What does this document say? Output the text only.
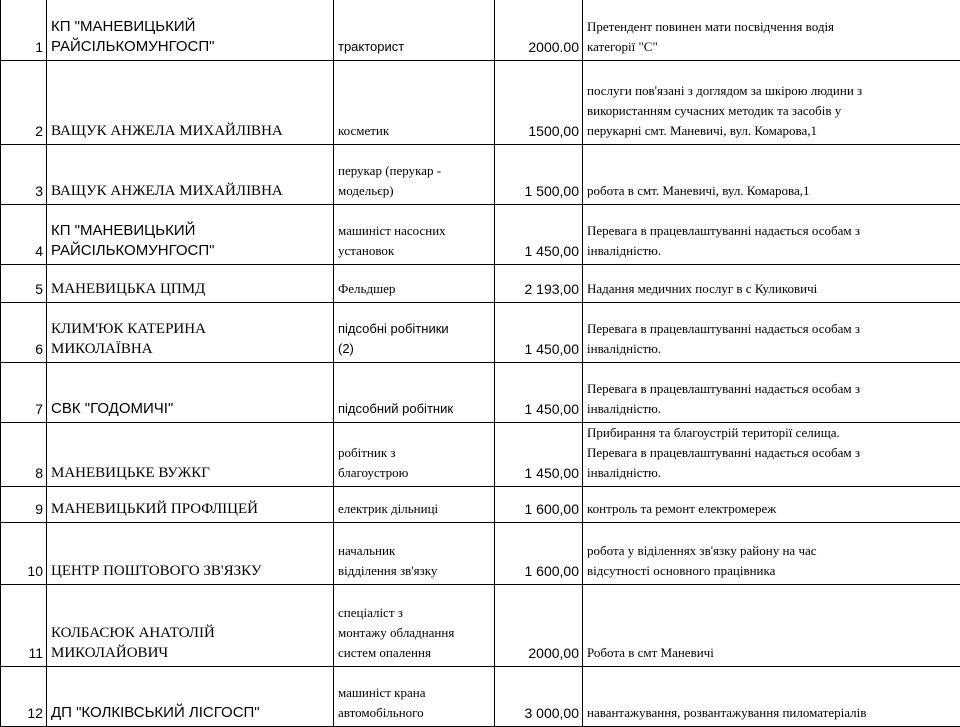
1	КП "МАНЕВИЦЬКИЙ
РАЙСІЛЬКОМУНГОСП"	тракторист	2000.00	Претендент повинен мати посвідчення водія
категорії "С"

2	ВАЩУК АНЖЕЛА МИХАЙЛІВНА	косметик	1500,00	послуги пов'язані з доглядом за шкірою людини з
використанням сучасних методик та засобів у
перукарні смт. Маневичі, вул. Комарова,1

3	ВАЩУК АНЖЕЛА МИХАЙЛІВНА	перукар (перукар -
модельєр)	1 500,00	робота в смт. Маневичі, вул. Комарова,1

4	КП "МАНЕВИЦЬКИЙ
РАЙСІЛЬКОМУНГОСП"	машиніст насосних
установок	1 450,00	Перевага в працевлаштуванні надається особам з
інвалідністю.

5	МАНЕВИЦЬКА ЦПМД	Фельдшер	2 193,00	Надання медичних послуг в с Куликовичі

6	КЛИМ'ЮК КАТЕРИНА
МИКОЛАЇВНА	підсобні робітники
(2)	1 450,00	Перевага в працевлаштуванні надається особам з
інвалідністю.

7	СВК "ГОДОМИЧІ"	підсобний робітник	1 450,00	Перевага в працевлаштуванні надається особам з
інвалідністю.

8	МАНЕВИЦЬКЕ ВУЖКГ	робітник з
благоустрою	1 450,00	Прибирання та благоустрій території селища.
Перевага в працевлаштуванні надається особам з
інвалідністю.

9	МАНЕВИЦЬКИЙ ПРОФЛІЦЕЙ	електрик дільниці	1 600,00	контроль та ремонт електромереж

10	ЦЕНТР ПОШТОВОГО ЗВ'ЯЗКУ	начальник
відділення зв'язку	1 600,00	робота у віділеннях зв'язку району на час
відсутності основного працівника

11	КОЛБАСЮК АНАТОЛІЙ
МИКОЛАЙОВИЧ	спеціаліст з
монтажу обладнання
систем опалення	2000,00	Робота в смт Маневичі

12	ДП "КОЛКІВСЬКИЙ ЛІСГОСП"	машиніст крана
автомобільного	3 000,00	навантажування, розвантажування пиломатеріалів
